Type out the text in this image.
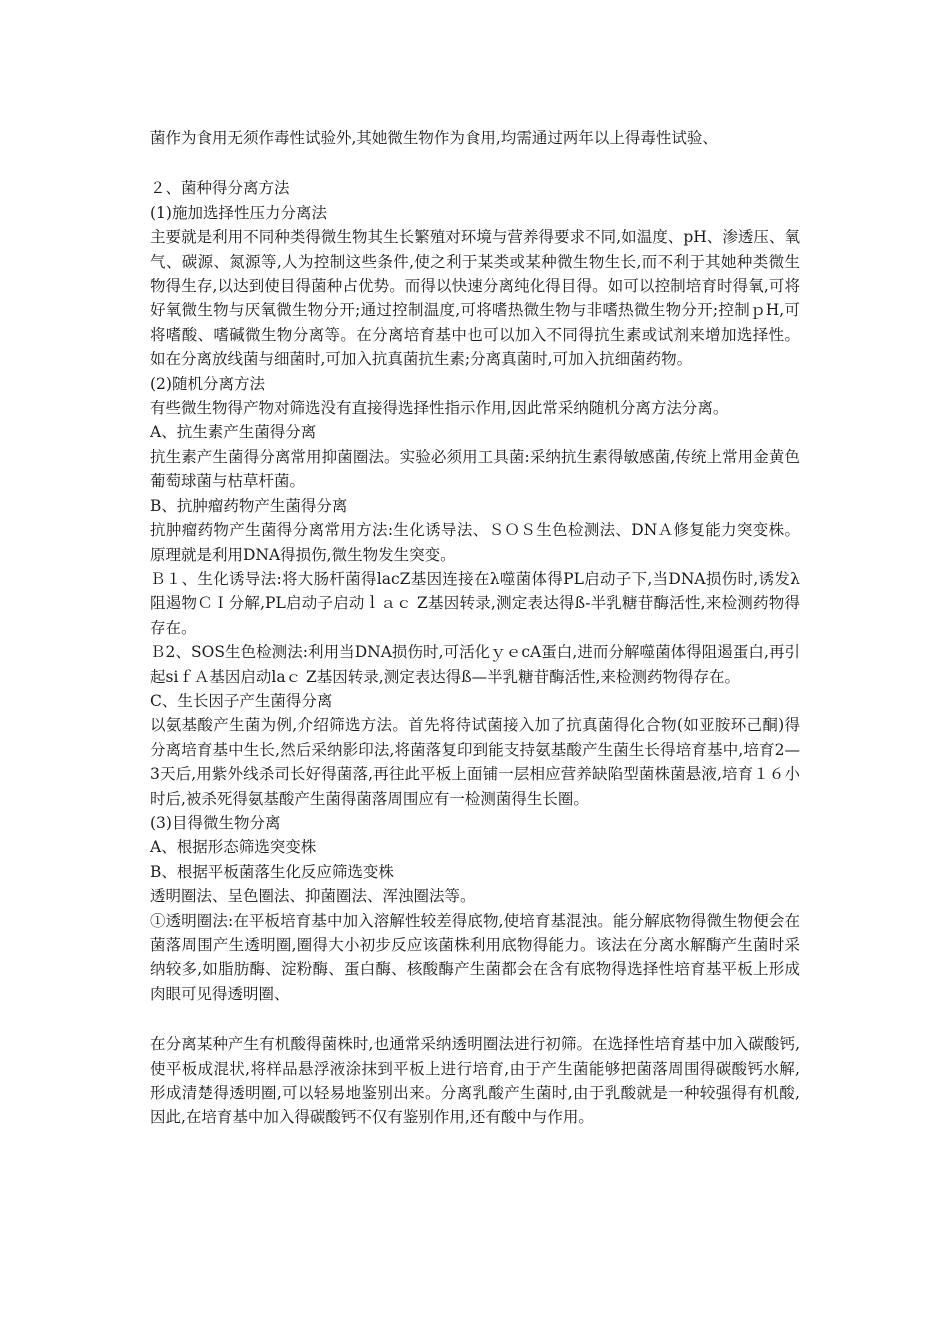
菌作为食用无须作毒性试验外,其她微生物作为食用,均需通过两年以上得毒性试验、

２、菌种得分离方法

(1)施加选择性压力分离法

主要就是利用不同种类得微生物其生长繁殖对环境与营养得要求不同,如温度、pH、渗透压、氧气、碳源、氮源等,人为控制这些条件,使之利于某类或某种微生物生长,而不利于其她种类微生物得生存,以达到使目得菌种占优势。而得以快速分离纯化得目得。如可以控制培育时得氧,可将好氧微生物与厌氧微生物分开;通过控制温度,可将嗜热微生物与非嗜热微生物分开;控制ｐH,可将嗜酸、嗜碱微生物分离等。在分离培育基中也可以加入不同得抗生素或试剂来增加选择性。如在分离放线菌与细菌时,可加入抗真菌抗生素;分离真菌时,可加入抗细菌药物。

(2)随机分离方法

有些微生物得产物对筛选没有直接得选择性指示作用,因此常采纳随机分离方法分离。

A、抗生素产生菌得分离

抗生素产生菌得分离常用抑菌圈法。实验必须用工具菌:采纳抗生素得敏感菌,传统上常用金黄色葡萄球菌与枯草杆菌。

B、抗肿瘤药物产生菌得分离

抗肿瘤药物产生菌得分离常用方法:生化诱导法、ＳＯＳ生色检测法、DNＡ修复能力突变株。原理就是利用DNA得损伤,微生物发生突变。

Ｂ１、生化诱导法:将大肠杆菌得lacZ基因连接在λ噬菌体得PL启动子下,当DNA损伤时,诱发λ阻遏物ＣＩ分解,PL启动子启动ｌａｃ Z基因转录,测定表达得ß-半乳糖苷酶活性,来检测药物得存在。

Ｂ2、SOS生色检测法:利用当DNA损伤时,可活化ｙｅcA蛋白,进而分解噬菌体得阻遏蛋白,再引起siｆＡ基因启动laｃ Z基因转录,测定表达得ß—半乳糖苷酶活性,来检测药物得存在。

C、生长因子产生菌得分离

以氨基酸产生菌为例,介绍筛选方法。首先将待试菌接入加了抗真菌得化合物(如亚胺环己酮)得分离培育基中生长,然后采纳影印法,将菌落复印到能支持氨基酸产生菌生长得培育基中,培育2—3天后,用紫外线杀司长好得菌落,再往此平板上面铺一层相应营养缺陷型菌株菌悬液,培育１６小时后,被杀死得氨基酸产生菌得菌落周围应有一检测菌得生长圈。

(3)目得微生物分离

A、根据形态筛选突变株

B、根据平板菌落生化反应筛选变株

透明圈法、呈色圈法、抑菌圈法、浑浊圈法等。

①透明圈法:在平板培育基中加入溶解性较差得底物,使培育基混浊。能分解底物得微生物便会在菌落周围产生透明圈,圈得大小初步反应该菌株利用底物得能力。该法在分离水解酶产生菌时采纳较多,如脂肪酶、淀粉酶、蛋白酶、核酸酶产生菌都会在含有底物得选择性培育基平板上形成肉眼可见得透明圈、

在分离某种产生有机酸得菌株时,也通常采纳透明圈法进行初筛。在选择性培育基中加入碳酸钙,使平板成混状,将样品悬浮液涂抹到平板上进行培育,由于产生菌能够把菌落周围得碳酸钙水解,形成清楚得透明圈,可以轻易地鉴别出来。分离乳酸产生菌时,由于乳酸就是一种较强得有机酸,因此,在培育基中加入得碳酸钙不仅有鉴别作用,还有酸中与作用。
